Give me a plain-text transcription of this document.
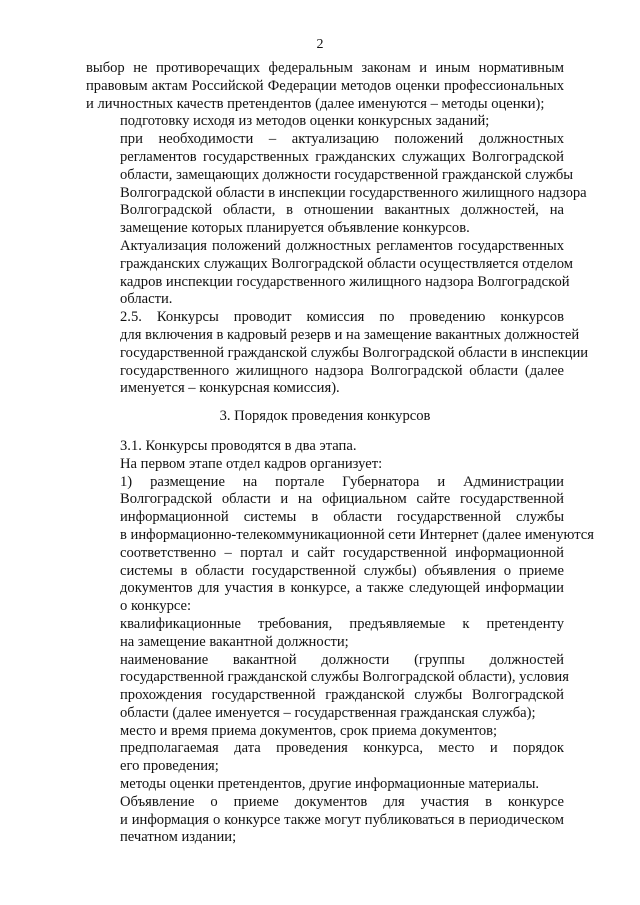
2

выбор не противоречащих федеральным законам и иным нормативным
правовым актам Российской Федерации методов оценки профессиональных
и личностных качеств претендентов (далее именуются – методы оценки);

подготовку исходя из методов оценки конкурсных заданий;

при необходимости – актуализацию положений должностных
регламентов государственных гражданских служащих Волгоградской
области, замещающих должности государственной гражданской службы
Волгоградской области в инспекции государственного жилищного надзора
Волгоградской области, в отношении вакантных должностей, на
замещение которых планируется объявление конкурсов.

Актуализация положений должностных регламентов государственных
гражданских служащих Волгоградской области осуществляется отделом
кадров инспекции государственного жилищного надзора Волгоградской
области.

2.5. Конкурсы проводит комиссия по проведению конкурсов
для включения в кадровый резерв и на замещение вакантных должностей
государственной гражданской службы Волгоградской области в инспекции
государственного жилищного надзора Волгоградской области (далее
именуется – конкурсная комиссия).

3. Порядок проведения конкурсов

3.1. Конкурсы проводятся в два этапа.

На первом этапе отдел кадров организует:

1) размещение на портале Губернатора и Администрации
Волгоградской области и на официальном сайте государственной
информационной системы в области государственной службы
в информационно-телекоммуникационной сети Интернет (далее именуются
соответственно – портал и сайт государственной информационной
системы в области государственной службы) объявления о приеме
документов для участия в конкурсе, а также следующей информации
о конкурсе:

квалификационные требования, предъявляемые к претенденту
на замещение вакантной должности;

наименование вакантной должности (группы должностей
государственной гражданской службы Волгоградской области), условия
прохождения государственной гражданской службы Волгоградской
области (далее именуется – государственная гражданская служба);

место и время приема документов, срок приема документов;

предполагаемая дата проведения конкурса, место и порядок
его проведения;

методы оценки претендентов, другие информационные материалы.

Объявление о приеме документов для участия в конкурсе
и информация о конкурсе также могут публиковаться в периодическом
печатном издании;
